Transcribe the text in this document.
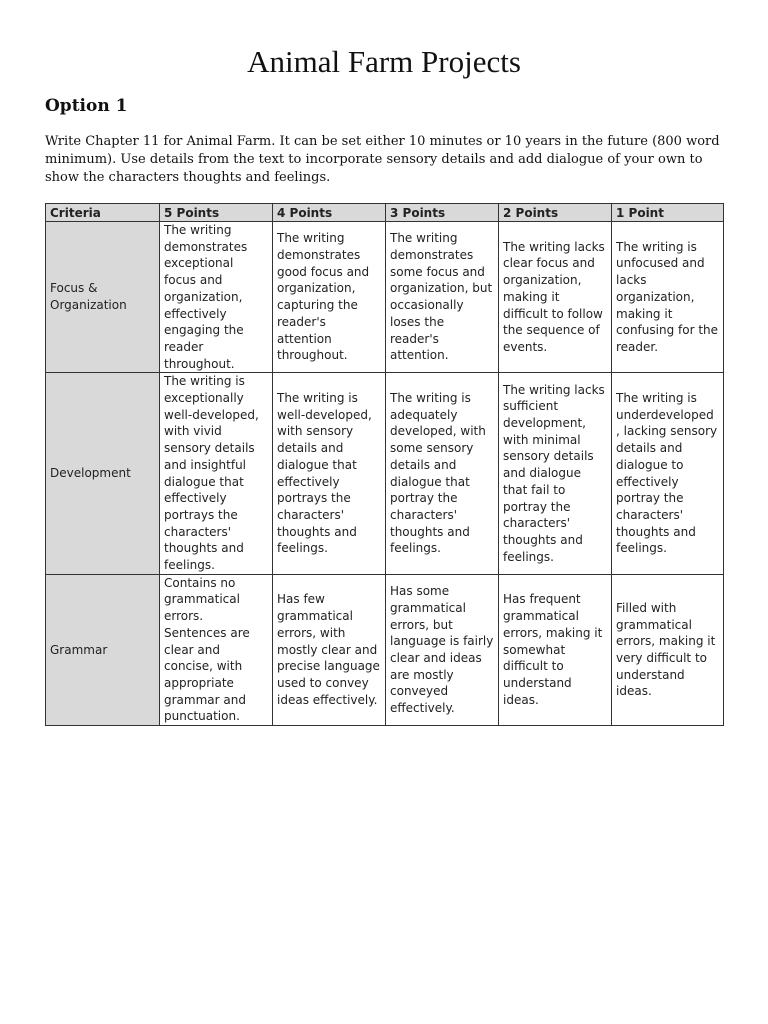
Animal Farm Projects
Option 1

Write Chapter 11 for Animal Farm. It can be set either 10 minutes or 10 years in the future (800 word minimum). Use details from the text to incorporate sensory details and add dialogue of your own to show the characters thoughts and feelings.

Criteria	5 Points	4 Points	3 Points	2 Points	1 Point
Focus & Organization	The writing demonstrates exceptional focus and organization, effectively engaging the reader throughout.	The writing demonstrates good focus and organization, capturing the reader's attention throughout.	The writing demonstrates some focus and organization, but occasionally loses the reader's attention.	The writing lacks clear focus and organization, making it difficult to follow the sequence of events.	The writing is unfocused and lacks organization, making it confusing for the reader.
Development	The writing is exceptionally well-developed, with vivid sensory details and insightful dialogue that effectively portrays the characters' thoughts and feelings.	The writing is well-developed, with sensory details and dialogue that effectively portrays the characters' thoughts and feelings.	The writing is adequately developed, with some sensory details and dialogue that portray the characters' thoughts and feelings.	The writing lacks sufficient development, with minimal sensory details and dialogue that fail to portray the characters' thoughts and feelings.	The writing is underdeveloped , lacking sensory details and dialogue to effectively portray the characters' thoughts and feelings.
Grammar	Contains no grammatical errors. Sentences are clear and concise, with appropriate grammar and punctuation.	Has few grammatical errors, with mostly clear and precise language used to convey ideas effectively.	Has some grammatical errors, but language is fairly clear and ideas are mostly conveyed effectively.	Has frequent grammatical errors, making it somewhat difficult to understand ideas.	Filled with grammatical errors, making it very difficult to understand ideas.
